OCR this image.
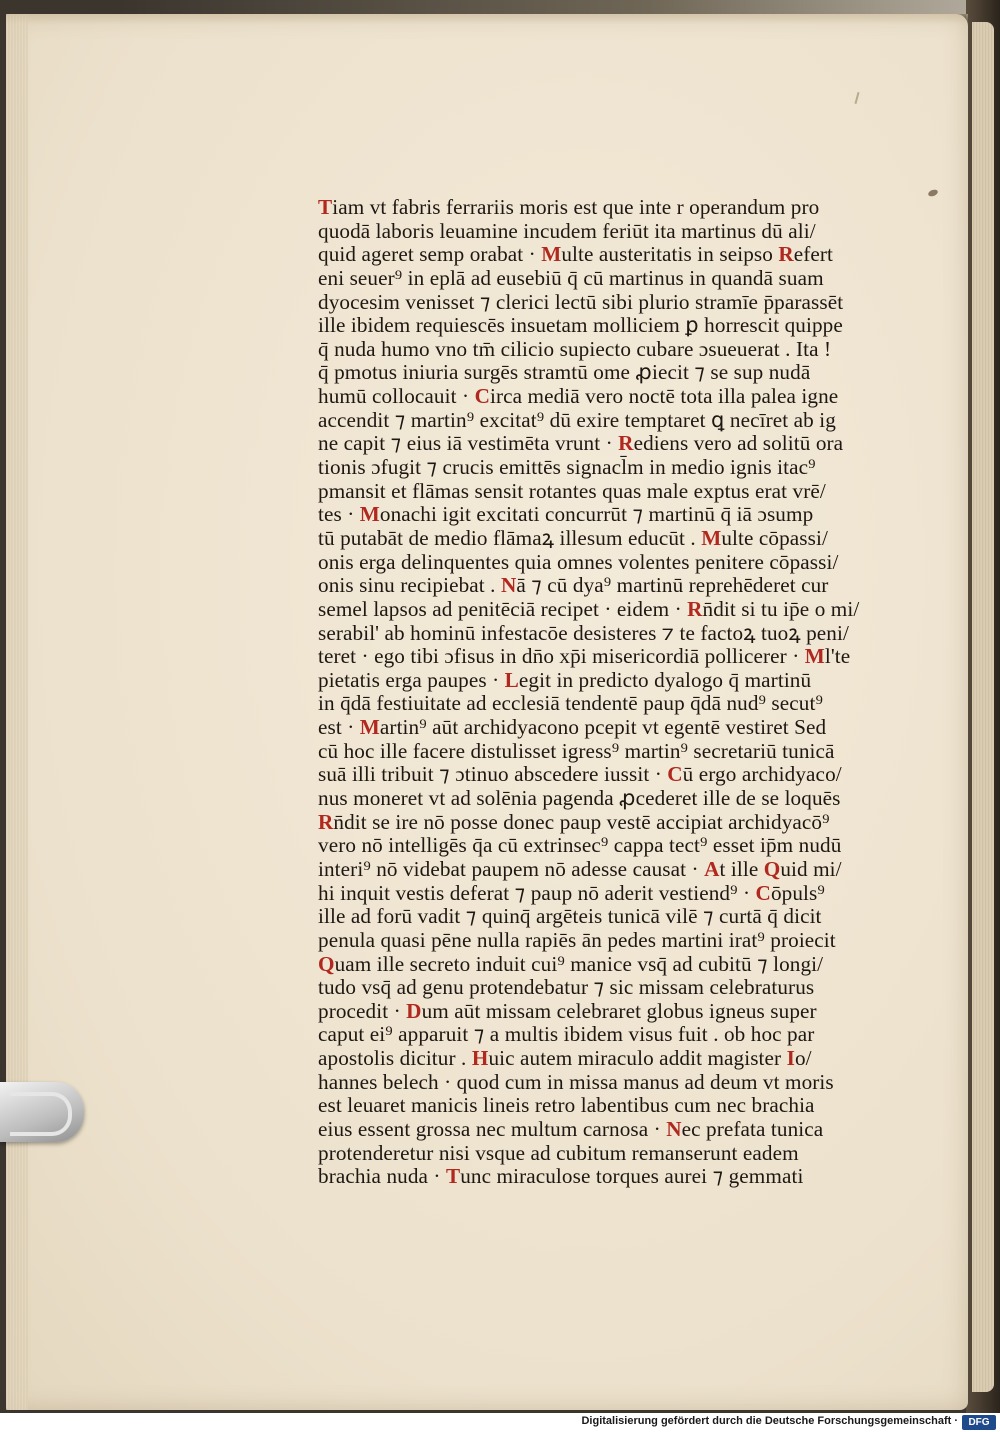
Tiam vt fabris ferrariis moris est que inte r operandum pro
quodā laboris leuamine incudem feriūt ita martinus dū ali/
quid ageret semp orabat · Multe austeritatis in seipso Refert
eni seuer⁹ in eplā ad eusebiū q̄ cū martinus in quandā suam
dyocesim venisset ⁊ clerici lectū sibi plurio stramīe p̄parassēt
ille ibidem requiescēs insuetam molliciem ꝑ horrescit quippe
q̄ nuda humo vno tm̄ cilicio supiecto cubare ɔsueuerat . Ita !
q̄ pmotus iniuria surgēs stramtū ome ꝓiecit ⁊ se sup nudā
humū collocauit · Circa mediā vero noctē tota illa palea igne
accendit ⁊ martin⁹ excitat⁹ dū exire temptaret ꝗ necīret ab ig
ne capit ⁊ eius iā vestimēta vrunt · Rediens vero ad solitū ora
tionis ɔfugit ⁊ crucis emittēs signacl̄m in medio ignis itac⁹
pmansit et flāmas sensit rotantes quas male exptus erat vrē/
tes · Monachi igit excitati concurrūt ⁊ martinū q̄ iā ɔsump
tū putabāt de medio flāmaꝝ illesum educūt . Multe cōpassi/
onis erga delinquentes quia omnes volentes penitere cōpassi/
onis sinu recipiebat . Nā ⁊ cū dya⁹ martinū reprehēderet cur
semel lapsos ad penitēciā recipet · eidem · Rn̄dit si tu ip̄e o mi/
serabil' ab hominū infestacōe desisteres ⁊ te factoꝝ tuoꝝ peni/
teret · ego tibi ɔfisus in dn̄o xp̄i misericordiā pollicerer · Ml'te
pietatis erga paupes · Legit in predicto dyalogo q̄ martinū
in q̄dā festiuitate ad ecclesiā tendentē paup q̄dā nud⁹ secut⁹
est · Martin⁹ aūt archidyacono pcepit vt egentē vestiret Sed
cū hoc ille facere distulisset igress⁹ martin⁹ secretariū tunicā
suā illi tribuit ⁊ ɔtinuo abscedere iussit · Cū ergo archidyaco/
nus moneret vt ad solēnia pagenda ꝓcederet ille de se loquēs
Rn̄dit se ire nō posse donec paup vestē accipiat archidyacō⁹
vero nō intelligēs q̄a cū extrinsec⁹ cappa tect⁹ esset ip̄m nudū
interi⁹ nō videbat paupem nō adesse causat · At ille Quid mi/
hi inquit vestis deferat ⁊ paup nō aderit vestiend⁹ · Cōpuls⁹
ille ad forū vadit ⁊ quinq̄ argēteis tunicā vilē ⁊ curtā q̄ dicit
penula quasi pēne nulla rapiēs ān pedes martini irat⁹ proiecit
Quam ille secreto induit cui⁹ manice vsq̄ ad cubitū ⁊ longi/
tudo vsq̄ ad genu protendebatur ⁊ sic missam celebraturus
procedit · Dum aūt missam celebraret globus igneus super
caput ei⁹ apparuit ⁊ a multis ibidem visus fuit . ob hoc par
apostolis dicitur . Huic autem miraculo addit magister Io/
hannes belech · quod cum in missa manus ad deum vt moris
est leuaret manicis lineis retro labentibus cum nec brachia
eius essent grossa nec multum carnosa · Nec prefata tunica
protenderetur nisi vsque ad cubitum remanserunt eadem
brachia nuda · Tunc miraculose torques aurei ⁊ gemmati
Digitalisierung gefördert durch die Deutsche Forschungsgemeinschaft ·	DFG
